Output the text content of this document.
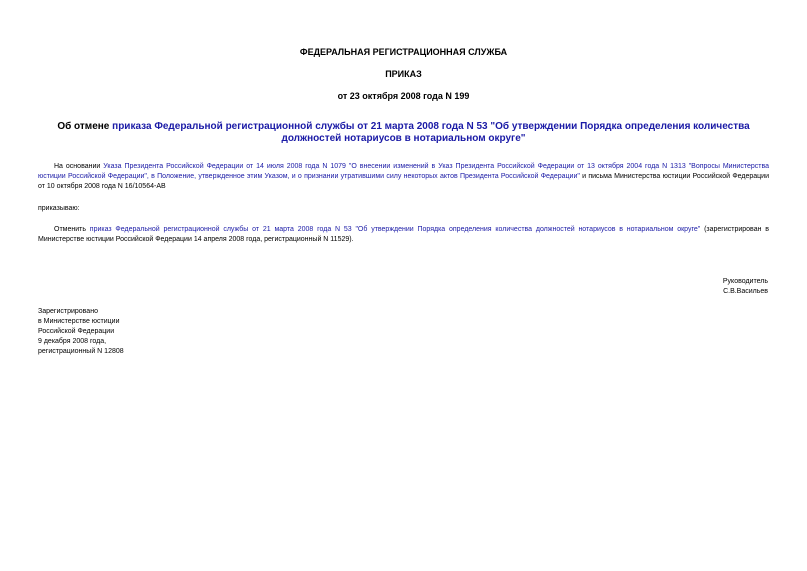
ФЕДЕРАЛЬНАЯ РЕГИСТРАЦИОННАЯ СЛУЖБА
ПРИКАЗ
от 23 октября 2008 года N 199
Об отмене приказа Федеральной регистрационной службы от 21 марта 2008 года N 53 "Об утверждении Порядка определения количества должностей нотариусов в нотариальном округе"
На основании Указа Президента Российской Федерации от 14 июля 2008 года N 1079 "О внесении изменений в Указ Президента Российской Федерации от 13 октября 2004 года N 1313 "Вопросы Министерства юстиции Российской Федерации", в Положение, утвержденное этим Указом, и о признании утратившими силу некоторых актов Президента Российской Федерации" и письма Министерства юстиции Российской Федерации от 10 октября 2008 года N 16/10564-АВ
приказываю:
Отменить приказ Федеральной регистрационной службы от 21 марта 2008 года N 53 "Об утверждении Порядка определения количества должностей нотариусов в нотариальном округе" (зарегистрирован в Министерстве юстиции Российской Федерации 14 апреля 2008 года, регистрационный N 11529).
Руководитель
С.В.Васильев
Зарегистрировано
в Министерстве юстиции
Российской Федерации
9 декабря 2008 года,
регистрационный N 12808
